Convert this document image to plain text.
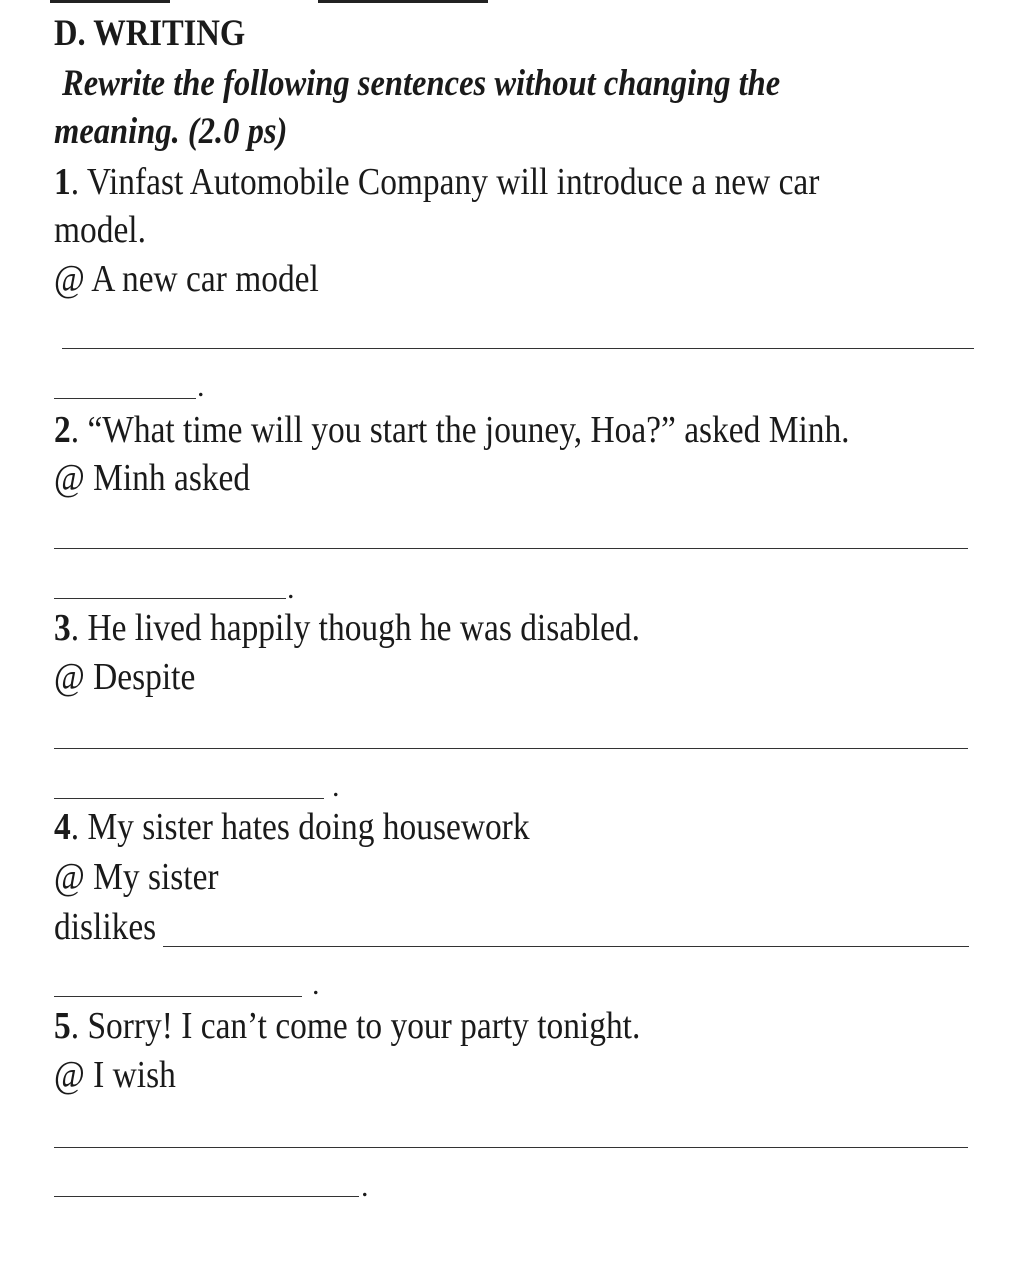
D. WRITING
Rewrite the following sentences without changing the
meaning. (2.0 ps)
1. Vinfast Automobile Company will introduce a new car
model.
@ A new car model
.
2. “What time will you start the jouney, Hoa?” asked Minh.
@ Minh asked
.
3. He lived happily though he was disabled.
@ Despite
.
4. My sister hates doing housework
@ My sister
dislikes
.
5. Sorry! I can’t come to your party tonight.
@ I wish
.
